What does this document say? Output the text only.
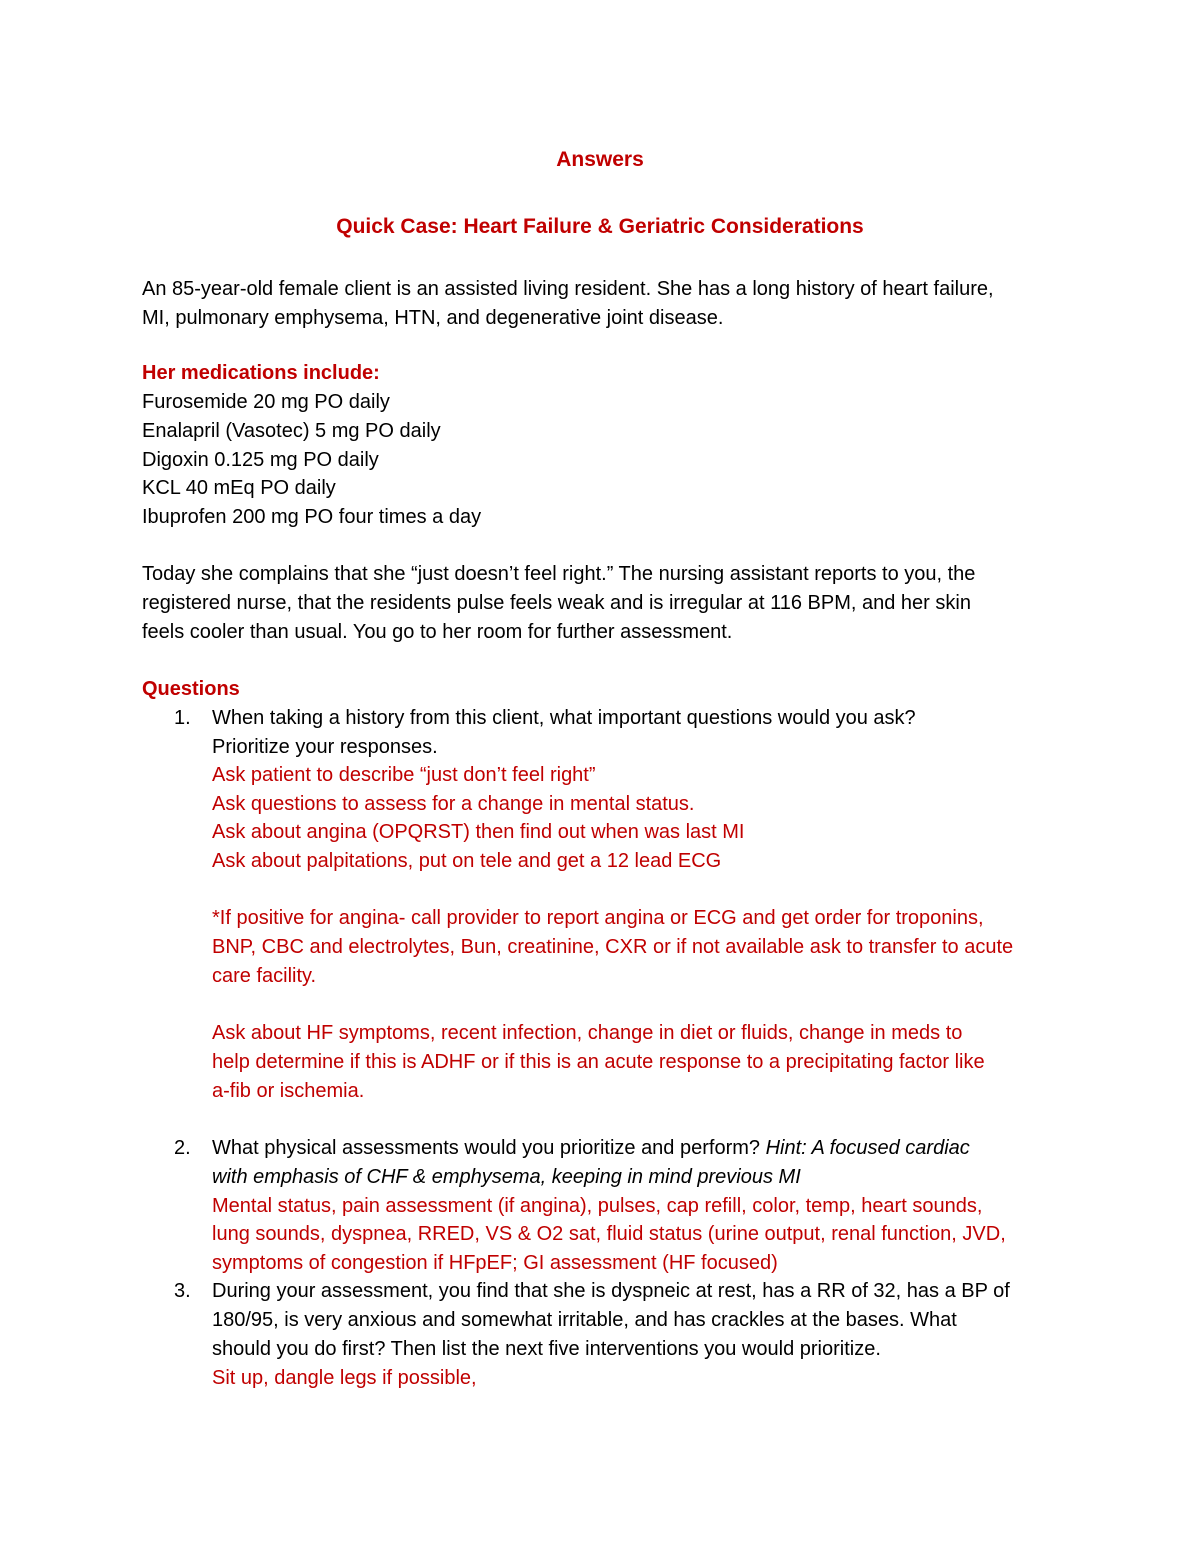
Answers
Quick Case: Heart Failure & Geriatric Considerations
An 85-year-old female client is an assisted living resident. She has a long history of heart failure,
MI, pulmonary emphysema, HTN, and degenerative joint disease.
Her medications include:
Furosemide 20 mg PO daily
Enalapril (Vasotec) 5 mg PO daily
Digoxin 0.125 mg PO daily
KCL 40 mEq PO daily
Ibuprofen 200 mg PO four times a day
Today she complains that she “just doesn’t feel right.” The nursing assistant reports to you, the
registered nurse, that the residents pulse feels weak and is irregular at 116 BPM, and her skin
feels cooler than usual. You go to her room for further assessment.
Questions
1. When taking a history from this client, what important questions would you ask?
Prioritize your responses.
Ask patient to describe “just don’t feel right”
Ask questions to assess for a change in mental status.
Ask about angina (OPQRST) then find out when was last MI
Ask about palpitations, put on tele and get a 12 lead ECG
*If positive for angina- call provider to report angina or ECG and get order for troponins,
BNP, CBC and electrolytes, Bun, creatinine, CXR or if not available ask to transfer to acute
care facility.
Ask about HF symptoms, recent infection, change in diet or fluids, change in meds to
help determine if this is ADHF or if this is an acute response to a precipitating factor like
a-fib or ischemia.
2. What physical assessments would you prioritize and perform? Hint: A focused cardiac
with emphasis of CHF & emphysema, keeping in mind previous MI
Mental status, pain assessment (if angina), pulses, cap refill, color, temp, heart sounds,
lung sounds, dyspnea, RRED, VS & O2 sat, fluid status (urine output, renal function, JVD,
symptoms of congestion if HFpEF; GI assessment (HF focused)
3. During your assessment, you find that she is dyspneic at rest, has a RR of 32, has a BP of
180/95, is very anxious and somewhat irritable, and has crackles at the bases. What
should you do first? Then list the next five interventions you would prioritize.
Sit up, dangle legs if possible,
